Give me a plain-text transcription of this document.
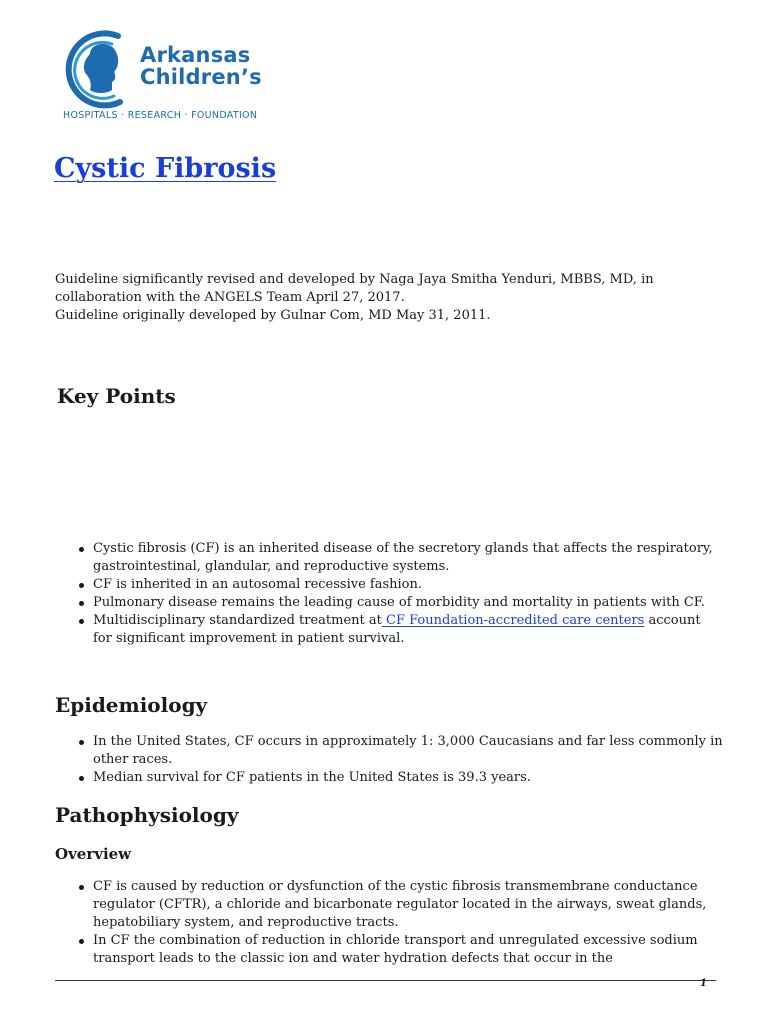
Arkansas
Children’s
HOSPITALS · RESEARCH · FOUNDATION
Cystic Fibrosis
Guideline significantly revised and developed by Naga Jaya Smitha Yenduri, MBBS, MD, in
collaboration with the ANGELS Team April 27, 2017.
Guideline originally developed by Gulnar Com, MD May 31, 2011.
Key Points
Cystic fibrosis (CF) is an inherited disease of the secretory glands that affects the respiratory, gastrointestinal, glandular, and reproductive systems.
CF is inherited in an autosomal recessive fashion.
Pulmonary disease remains the leading cause of morbidity and mortality in patients with CF.
Multidisciplinary standardized treatment at CF Foundation-accredited care centers account for significant improvement in patient survival.
Epidemiology
In the United States, CF occurs in approximately 1: 3,000 Caucasians and far less commonly in other races.
Median survival for CF patients in the United States is 39.3 years.
Pathophysiology
Overview
CF is caused by reduction or dysfunction of the cystic fibrosis transmembrane conductance regulator (CFTR), a chloride and bicarbonate regulator located in the airways, sweat glands, hepatobiliary system, and reproductive tracts.
In CF the combination of reduction in chloride transport and unregulated excessive sodium transport leads to the classic ion and water hydration defects that occur in the
1
